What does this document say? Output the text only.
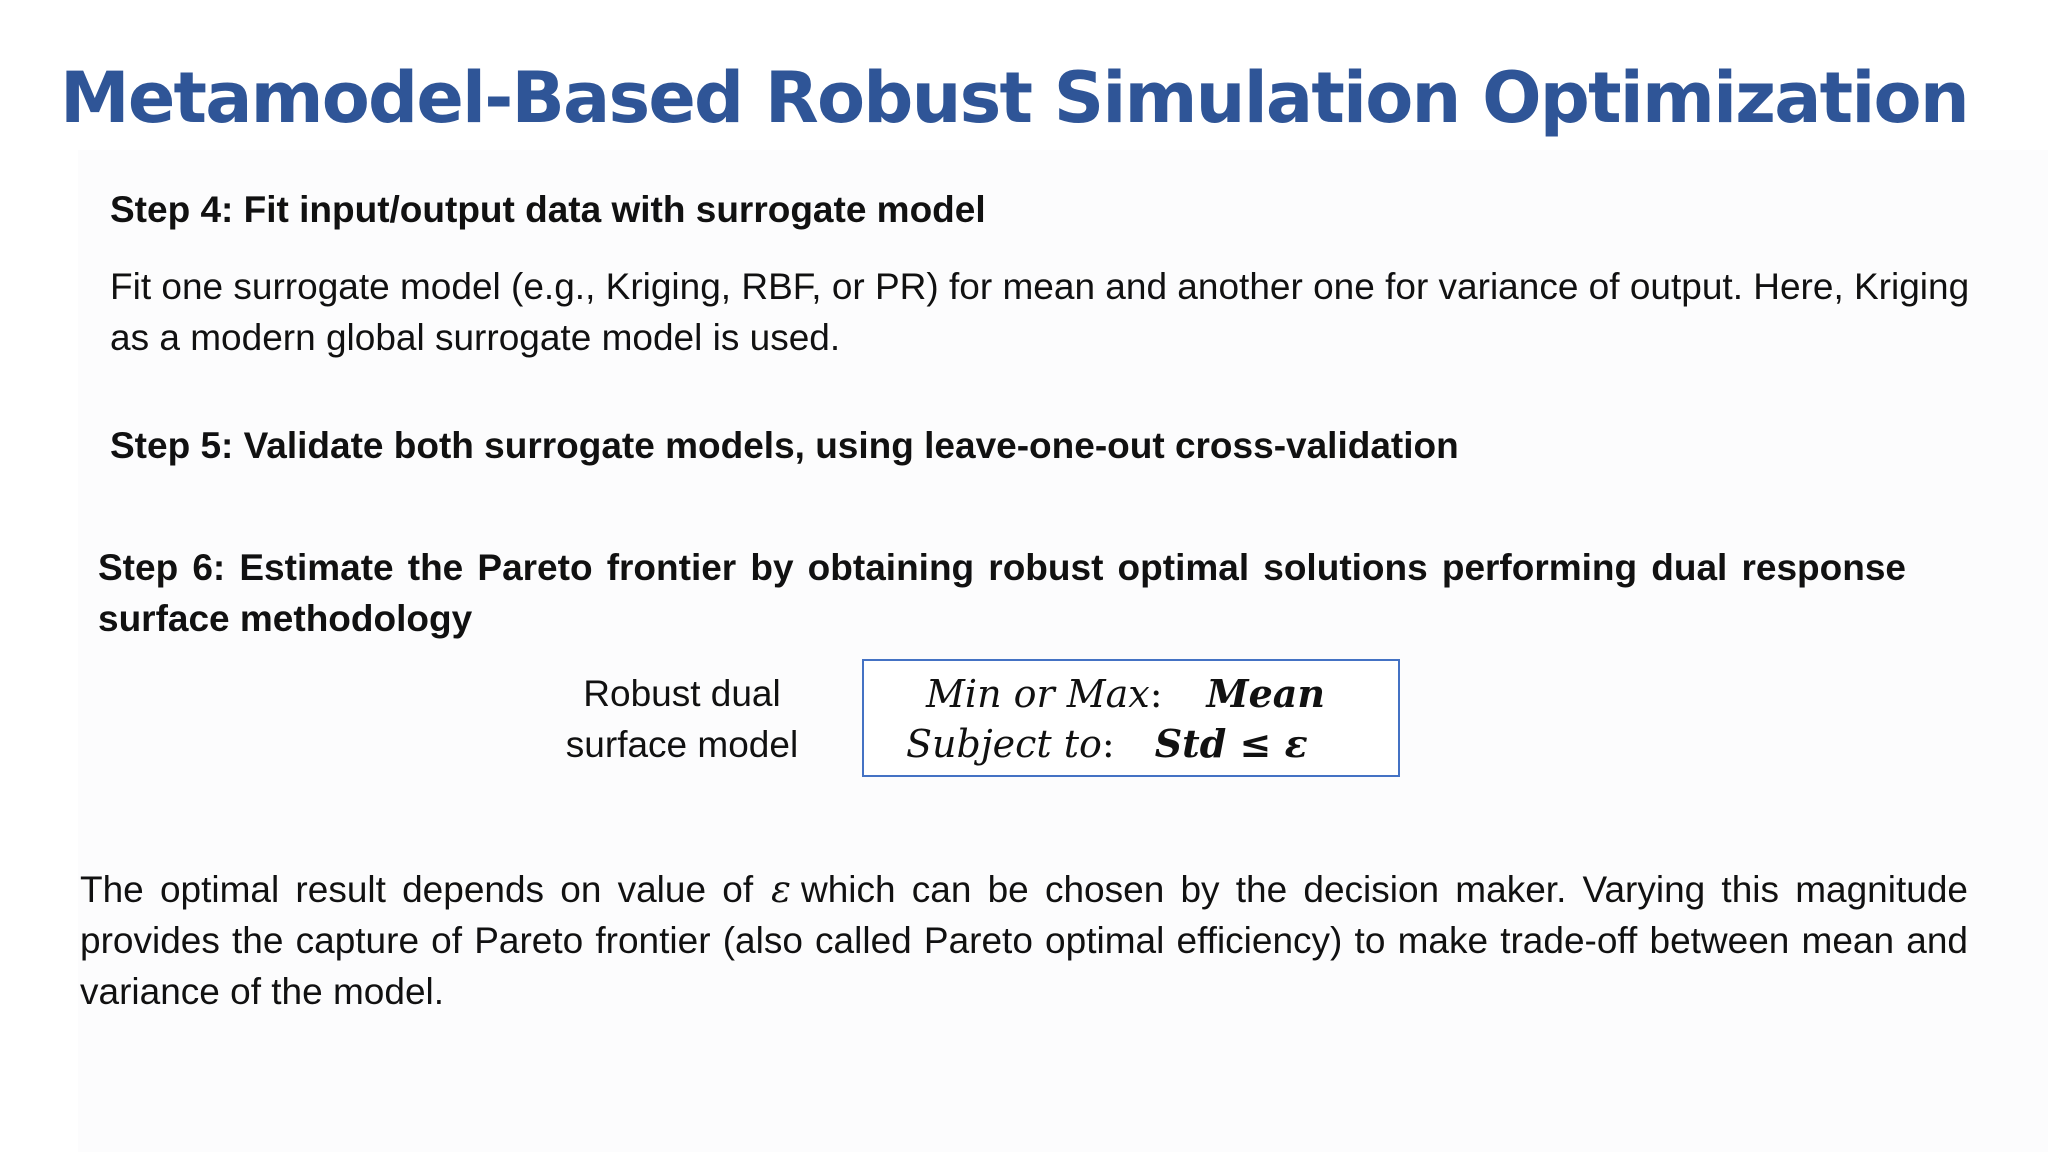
Metamodel-Based Robust Simulation Optimization

Step 4: Fit input/output data with surrogate model

Fit one surrogate model (e.g., Kriging, RBF, or PR) for mean and another one for variance of output. Here, Kriging as a modern global surrogate model is used.

Step 5: Validate both surrogate models, using leave-one-out cross-validation

Step 6: Estimate the Pareto frontier by obtaining robust optimal solutions performing dual response surface methodology

Robust dual
surface model
Min or Max: Mean
Subject to: Std ≤ ε

The optimal result depends on value of ε which can be chosen by the decision maker. Varying this magnitude provides the capture of Pareto frontier (also called Pareto optimal efficiency) to make trade-off between mean and variance of the model.
